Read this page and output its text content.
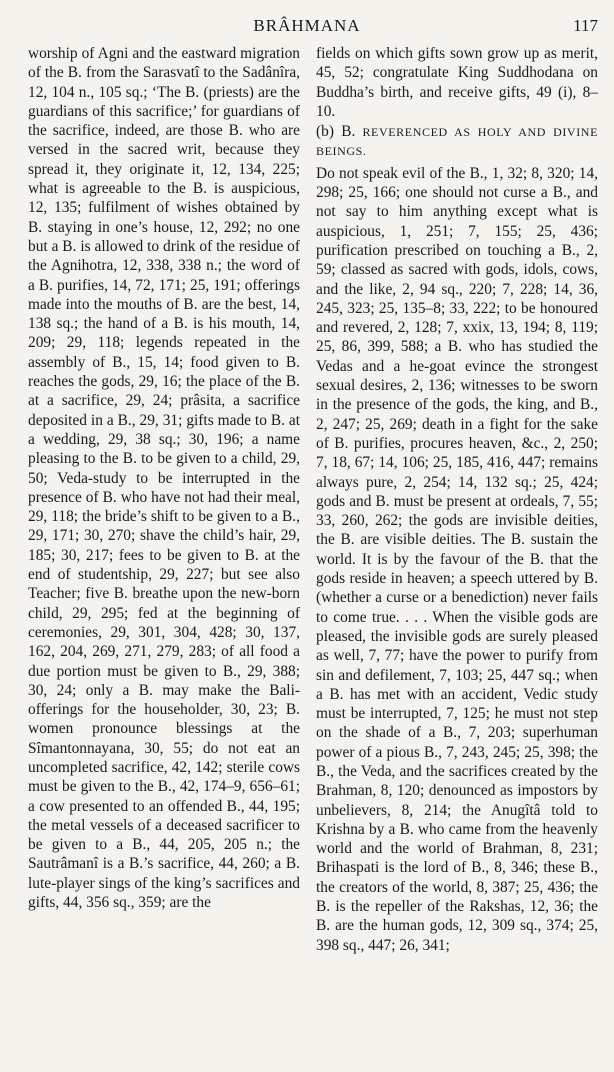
BRÂHMANA	117

worship of Agni and the eastward migration of the B. from the Sarasvatî to the Sadânîra, 12, 104 n., 105 sq.; ‘The B. (priests) are the guardians of this sacrifice;’ for guardians of the sacrifice, indeed, are those B. who are versed in the sacred writ, because they spread it, they originate it, 12, 134, 225; what is agreeable to the B. is auspicious, 12, 135; fulfilment of wishes obtained by B. staying in one’s house, 12, 292; no one but a B. is allowed to drink of the residue of the Agnihotra, 12, 338, 338 n.; the word of a B. purifies, 14, 72, 171; 25, 191; offerings made into the mouths of B. are the best, 14, 138 sq.; the hand of a B. is his mouth, 14, 209; 29, 118; legends repeated in the assembly of B., 15, 14; food given to B. reaches the gods, 29, 16; the place of the B. at a sacrifice, 29, 24; prâsita, a sacrifice deposited in a B., 29, 31; gifts made to B. at a wedding, 29, 38 sq.; 30, 196; a name pleasing to the B. to be given to a child, 29, 50; Veda-study to be interrupted in the presence of B. who have not had their meal, 29, 118; the bride’s shift to be given to a B., 29, 171; 30, 270; shave the child’s hair, 29, 185; 30, 217; fees to be given to B. at the end of studentship, 29, 227; but see also Teacher; five B. breathe upon the new-born child, 29, 295; fed at the beginning of ceremonies, 29, 301, 304, 428; 30, 137, 162, 204, 269, 271, 279, 283; of all food a due portion must be given to B., 29, 388; 30, 24; only a B. may make the Bali-offerings for the householder, 30, 23; B. women pronounce blessings at the Sîmantonnayana, 30, 55; do not eat an uncompleted sacrifice, 42, 142; sterile cows must be given to the B., 42, 174–9, 656–61; a cow presented to an offended B., 44, 195; the metal vessels of a deceased sacrificer to be given to a B., 44, 205, 205 n.; the Sautrâmanî is a B.’s sacrifice, 44, 260; a B. lute-player sings of the king’s sacrifices and gifts, 44, 356 sq., 359; are the

fields on which gifts sown grow up as merit, 45, 52; congratulate King Suddhodana on Buddha’s birth, and receive gifts, 49 (i), 8–10.

(b) B. REVERENCED AS HOLY AND DIVINE BEINGS.

Do not speak evil of the B., 1, 32; 8, 320; 14, 298; 25, 166; one should not curse a B., and not say to him anything except what is auspicious, 1, 251; 7, 155; 25, 436; purification prescribed on touching a B., 2, 59; classed as sacred with gods, idols, cows, and the like, 2, 94 sq., 220; 7, 228; 14, 36, 245, 323; 25, 135–8; 33, 222; to be honoured and revered, 2, 128; 7, xxix, 13, 194; 8, 119; 25, 86, 399, 588; a B. who has studied the Vedas and a he-goat evince the strongest sexual desires, 2, 136; witnesses to be sworn in the presence of the gods, the king, and B., 2, 247; 25, 269; death in a fight for the sake of B. purifies, procures heaven, &c., 2, 250; 7, 18, 67; 14, 106; 25, 185, 416, 447; remains always pure, 2, 254; 14, 132 sq.; 25, 424; gods and B. must be present at ordeals, 7, 55; 33, 260, 262; the gods are invisible deities, the B. are visible deities. The B. sustain the world. It is by the favour of the B. that the gods reside in heaven; a speech uttered by B. (whether a curse or a benediction) never fails to come true. . . . When the visible gods are pleased, the invisible gods are surely pleased as well, 7, 77; have the power to purify from sin and defilement, 7, 103; 25, 447 sq.; when a B. has met with an accident, Vedic study must be interrupted, 7, 125; he must not step on the shade of a B., 7, 203; superhuman power of a pious B., 7, 243, 245; 25, 398; the B., the Veda, and the sacrifices created by the Brahman, 8, 120; denounced as impostors by unbelievers, 8, 214; the Anugîtâ told to Krishna by a B. who came from the heavenly world and the world of Brahman, 8, 231; Brihaspati is the lord of B., 8, 346; these B., the creators of the world, 8, 387; 25, 436; the B. is the repeller of the Rakshas, 12, 36; the B. are the human gods, 12, 309 sq., 374; 25, 398 sq., 447; 26, 341;
